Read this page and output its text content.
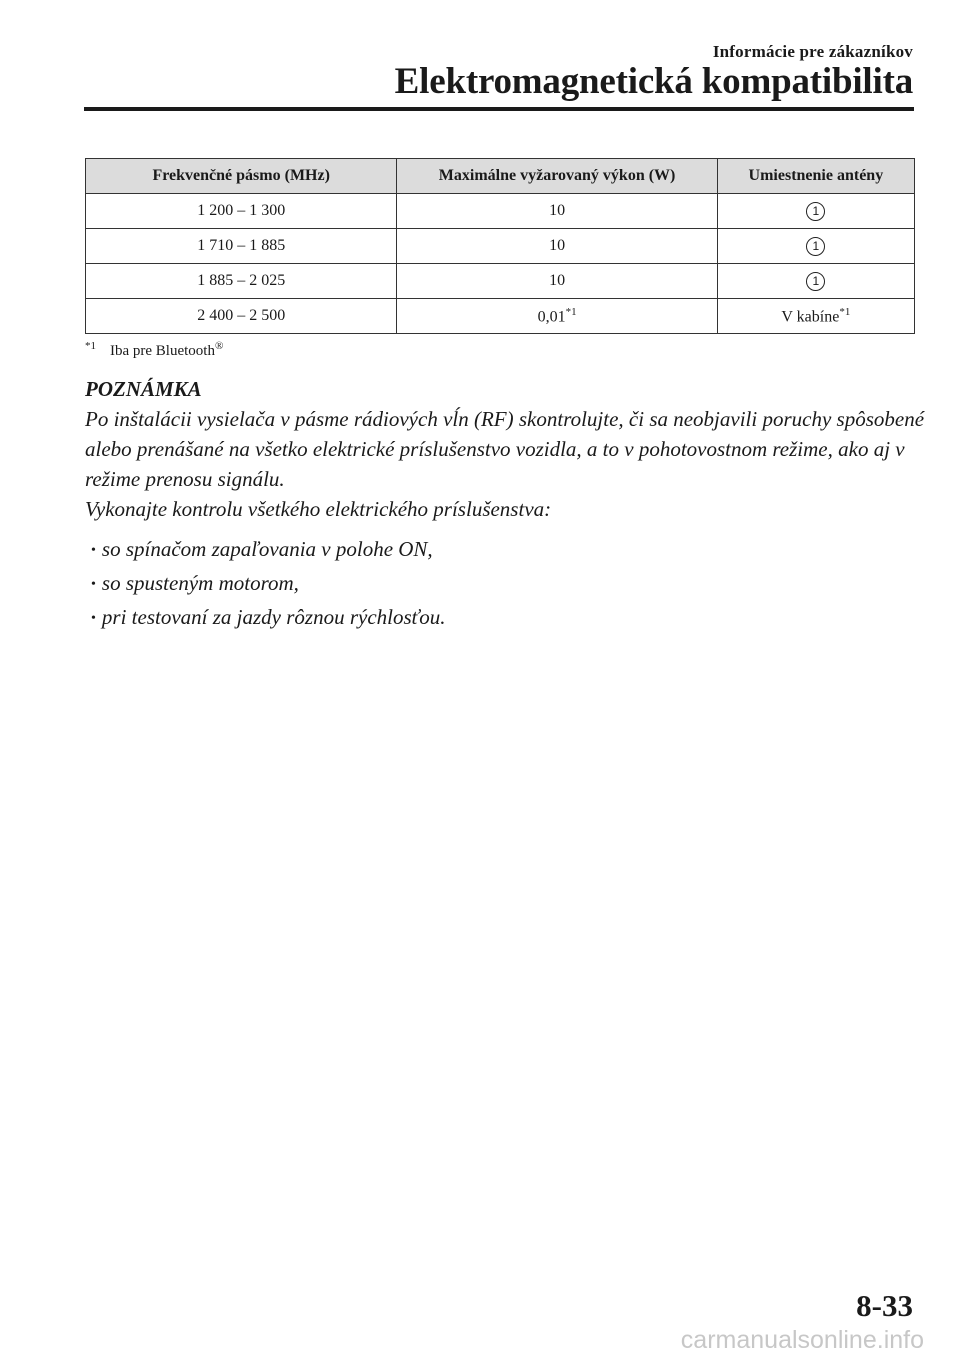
Informácie pre zákazníkov
Elektromagnetická kompatibilita
Frekvenčné pásmo (MHz)	Maximálne vyžarovaný výkon (W)	Umiestnenie antény
1 200 – 1 300	10	1
1 710 – 1 885	10	1
1 885 – 2 025	10	1
2 400 – 2 500	0,01$^{*1}$	V kabíne$^{*1}$
$^{*1}$ Iba pre Bluetooth®

POZNÁMKA

Po inštalácii vysielača v pásme rádiových vĺn (RF) skontrolujte, či sa neobjavili poruchy spôsobené alebo prenášané na všetko elektrické príslušenstvo vozidla, a to v pohotovostnom režime, ako aj v režime prenosu signálu.

Vykonajte kontrolu všetkého elektrického príslušenstva:

• so spínačom zapaľovania v polohe ON,
• so spusteným motorom,
• pri testovaní za jazdy rôznou rýchlosťou.
8-33
carmanualsonline.info
